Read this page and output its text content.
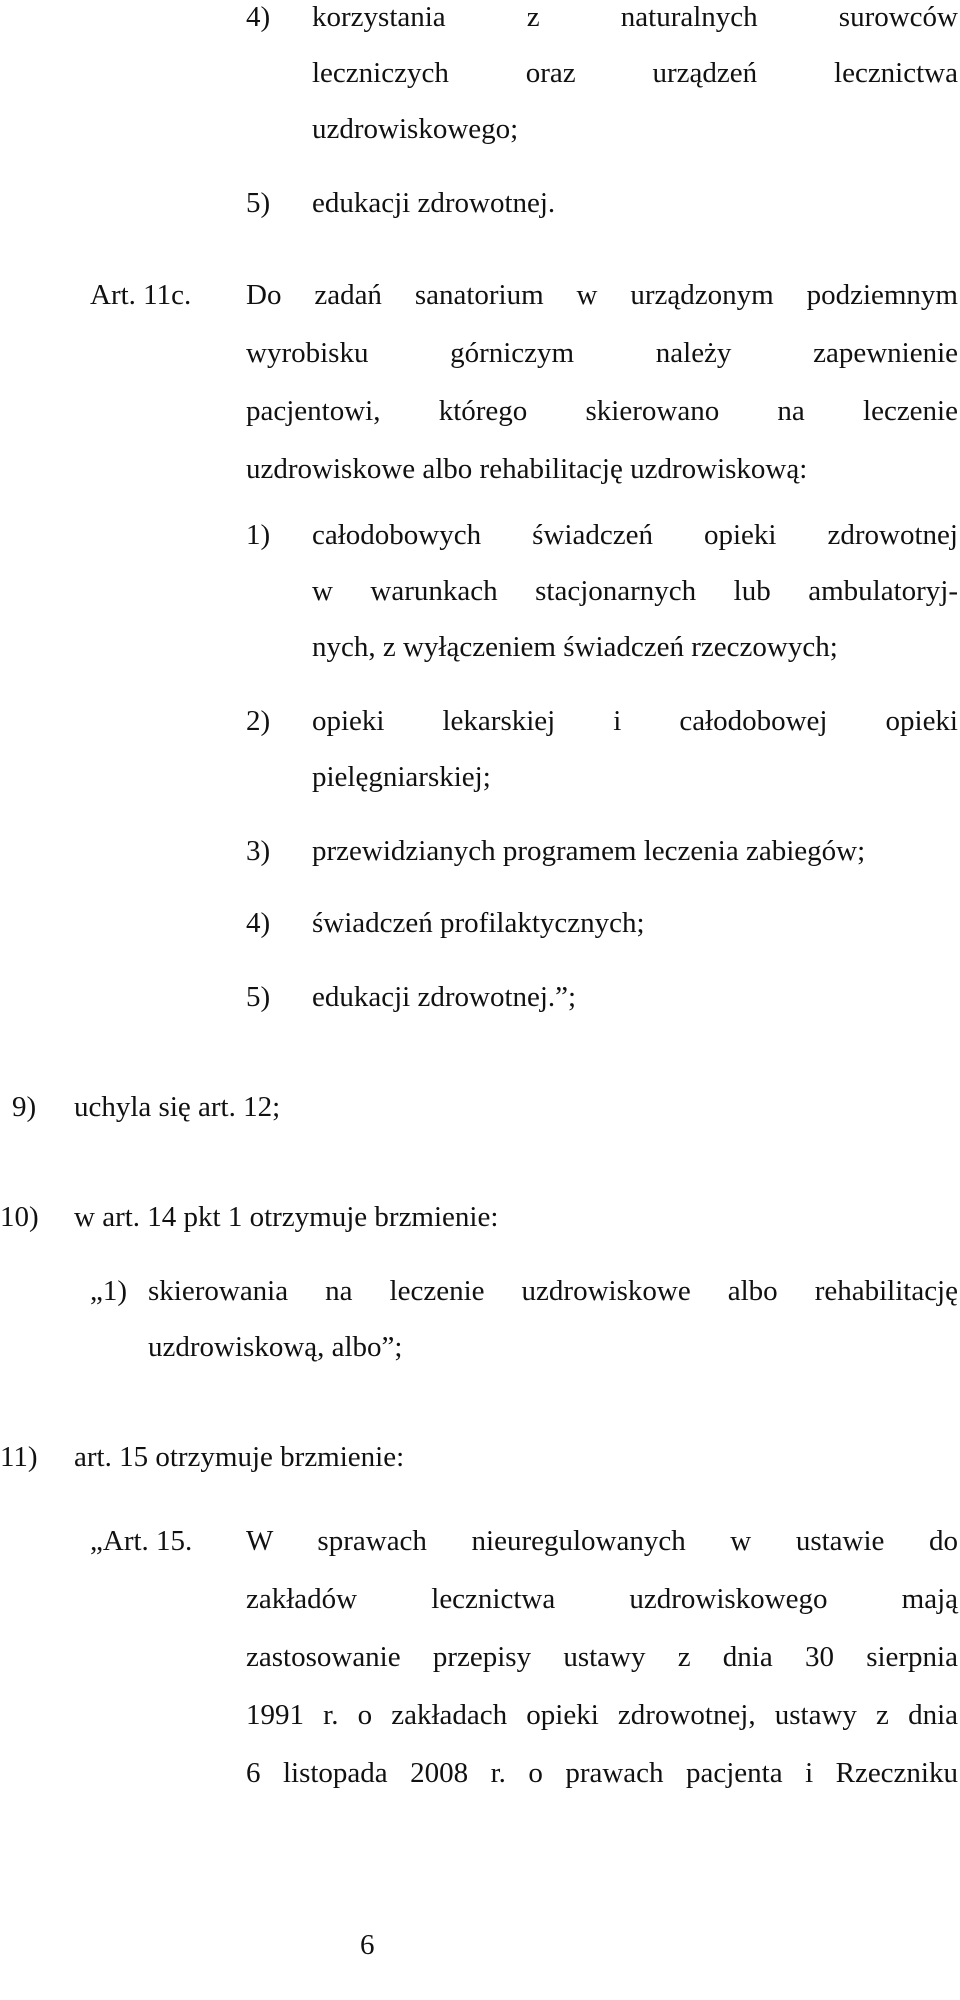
4) korzystania z naturalnych surowców
leczniczych oraz urządzeń lecznictwa
uzdrowiskowego;
5) edukacji zdrowotnej.
Art. 11c. Do zadań sanatorium w urządzonym podziemnym
wyrobisku górniczym należy zapewnienie
pacjentowi, którego skierowano na leczenie
uzdrowiskowe albo rehabilitację uzdrowiskową:
1) całodobowych świadczeń opieki zdrowotnej
w warunkach stacjonarnych lub ambulatoryj-
nych, z wyłączeniem świadczeń rzeczowych;
2) opieki lekarskiej i całodobowej opieki
pielęgniarskiej;
3) przewidzianych programem leczenia zabiegów;
4) świadczeń profilaktycznych;
5) edukacji zdrowotnej.”;
9) uchyla się art. 12;
10) w art. 14 pkt 1 otrzymuje brzmienie:
„1) skierowania na leczenie uzdrowiskowe albo rehabilitację
uzdrowiskową, albo”;
11) art. 15 otrzymuje brzmienie:
„Art. 15. W sprawach nieuregulowanych w ustawie do
zakładów lecznictwa uzdrowiskowego mają
zastosowanie przepisy ustawy z dnia 30 sierpnia
1991 r. o zakładach opieki zdrowotnej, ustawy z dnia
6 listopada 2008 r. o prawach pacjenta i Rzeczniku
6
